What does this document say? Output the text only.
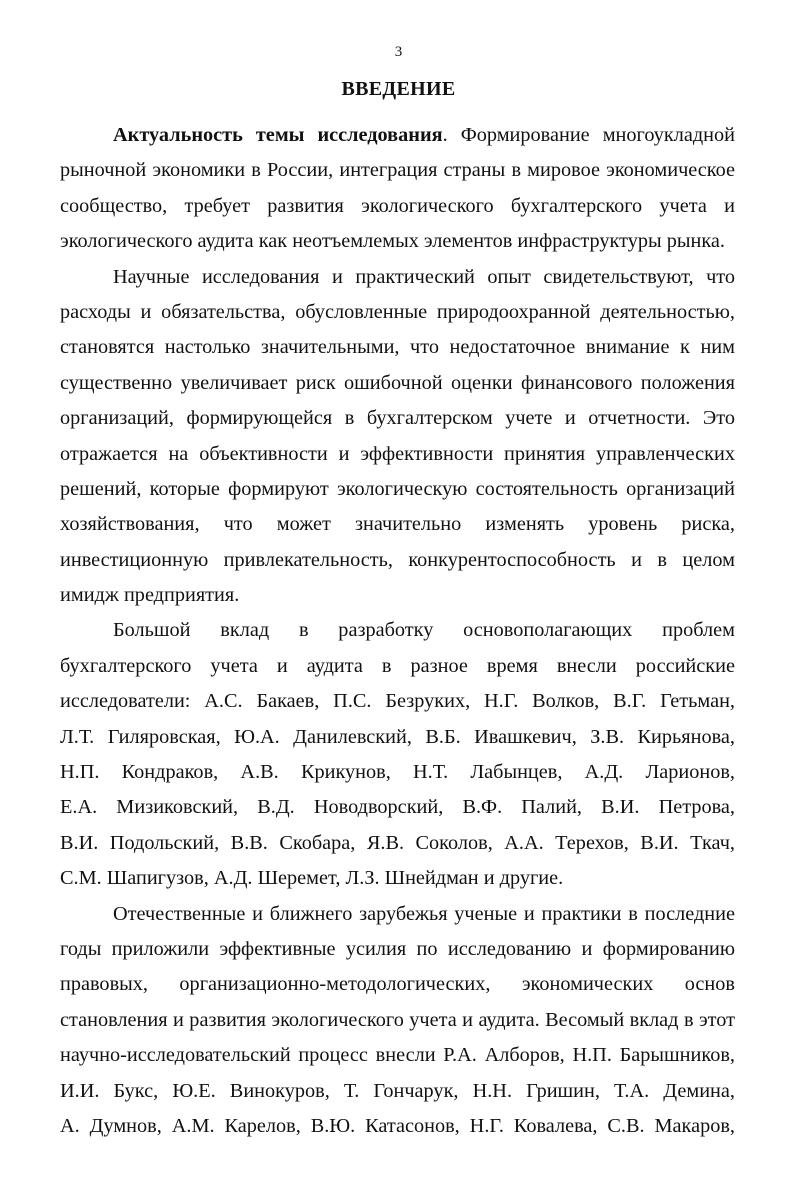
3
ВВЕДЕНИЕ
Актуальность темы исследования. Формирование многоукладной
рыночной экономики в России, интеграция страны в мировое экономическое
сообщество, требует развития экологического бухгалтерского учета и
экологического аудита как неотъемлемых элементов инфраструктуры рынка.
Научные исследования и практический опыт свидетельствуют, что
расходы и обязательства, обусловленные природоохранной деятельностью,
становятся настолько значительными, что недостаточное внимание к ним
существенно увеличивает риск ошибочной оценки финансового положения
организаций, формирующейся в бухгалтерском учете и отчетности. Это
отражается на объективности и эффективности принятия управленческих
решений, которые формируют экологическую состоятельность организаций
хозяйствования, что может значительно изменять уровень риска,
инвестиционную привлекательность, конкурентоспособность и в целом
имидж предприятия.
Большой вклад в разработку основополагающих проблем
бухгалтерского учета и аудита в разное время внесли российские
исследователи: А.С. Бакаев, П.С. Безруких, Н.Г. Волков, В.Г. Гетьман,
Л.Т. Гиляровская, Ю.А. Данилевский, В.Б. Ивашкевич, З.В. Кирьянова,
Н.П. Кондраков, А.В. Крикунов, Н.Т. Лабынцев, А.Д. Ларионов,
Е.А. Мизиковский, В.Д. Новодворский, В.Ф. Палий, В.И. Петрова,
В.И. Подольский, В.В. Скобара, Я.В. Соколов, А.А. Терехов, В.И. Ткач,
С.М. Шапигузов, А.Д. Шеремет, Л.З. Шнейдман и другие.
Отечественные и ближнего зарубежья ученые и практики в последние
годы приложили эффективные усилия по исследованию и формированию
правовых, организационно-методологических, экономических основ
становления и развития экологического учета и аудита. Весомый вклад в этот
научно-исследовательский процесс внесли Р.А. Алборов, Н.П. Барышников,
И.И. Букс, Ю.Е. Винокуров, Т. Гончарук, Н.Н. Гришин, Т.А. Демина,
А. Думнов, А.М. Карелов, В.Ю. Катасонов, Н.Г. Ковалева, С.В. Макаров,
